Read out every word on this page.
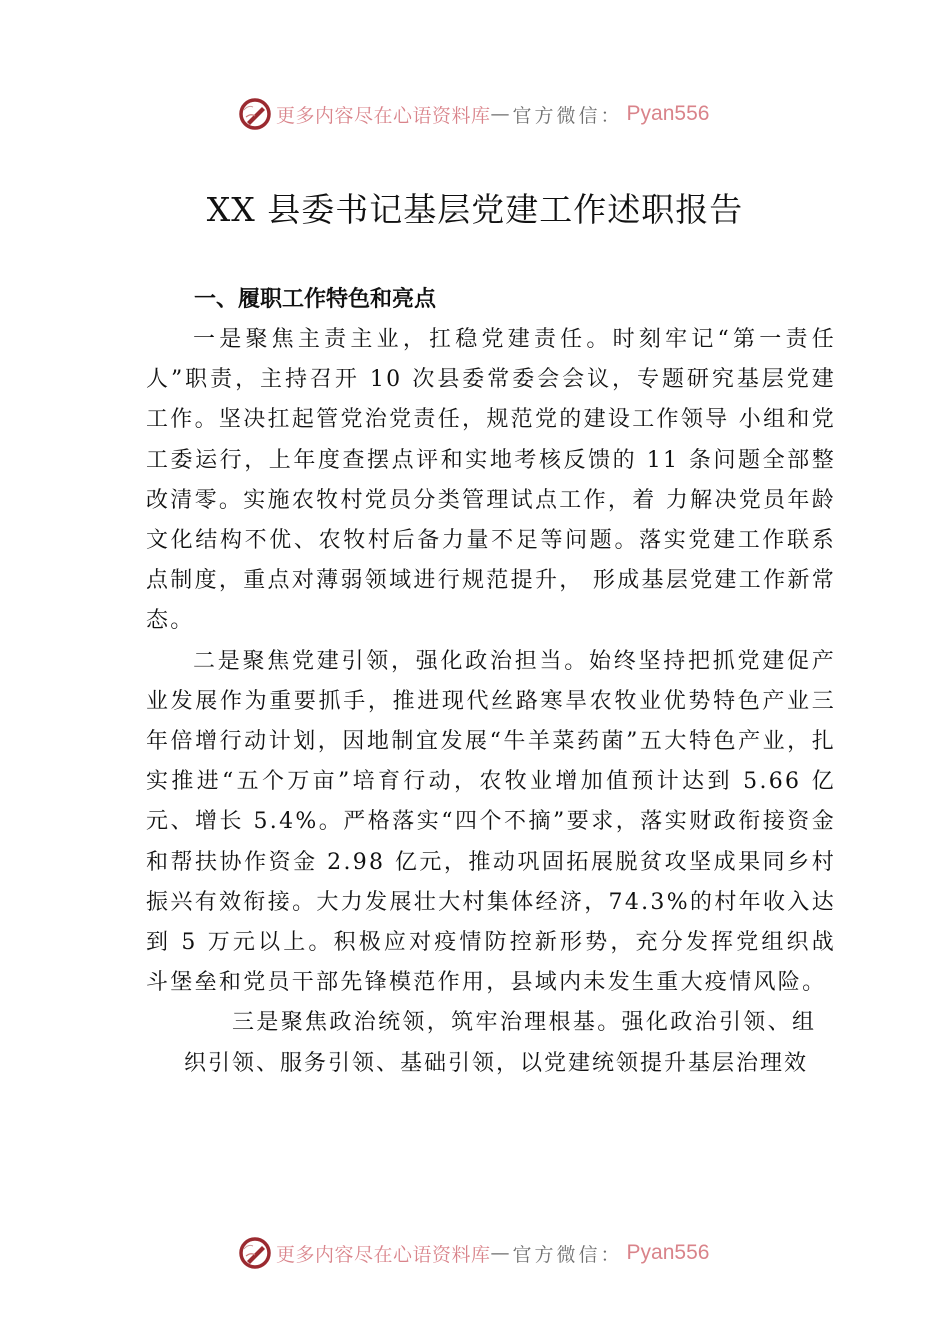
更多内容尽在心语资料库 — 官方微信： Pyan556
XX 县委书记基层党建工作述职报告
一、履职工作特色和亮点

一是聚焦主责主业，扛稳党建责任。时刻牢记“第一责任人”职责，主持召开 10 次县委常委会会议，专题研究基层党建工作。坚决扛起管党治党责任，规范党的建设工作领导 小组和党工委运行，上年度查摆点评和实地考核反馈的 11 条问题全部整改清零。实施农牧村党员分类管理试点工作，着 力解决党员年龄文化结构不优、农牧村后备力量不足等问题。落实党建工作联系点制度，重点对薄弱领域进行规范提升， 形成基层党建工作新常态。

二是聚焦党建引领，强化政治担当。始终坚持把抓党建促产业发展作为重要抓手，推进现代丝路寒旱农牧业优势特色产业三年倍增行动计划，因地制宜发展“牛羊菜药菌”五大特色产业，扎实推进“五个万亩”培育行动，农牧业增加值预计达到 5.66 亿元、增长 5.4%。严格落实“四个不摘”要求，落实财政衔接资金和帮扶协作资金 2.98 亿元，推动巩固拓展脱贫攻坚成果同乡村振兴有效衔接。大力发展壮大村集体经济，74.3%的村年收入达到 5 万元以上。积极应对疫情防控新形势，充分发挥党组织战斗堡垒和党员干部先锋模范作用，县域内未发生重大疫情风险。

三是聚焦政治统领，筑牢治理根基。强化政治引领、组织引领、服务引领、基础引领，以党建统领提升基层治理效

更多内容尽在心语资料库 — 官方微信： Pyan556
